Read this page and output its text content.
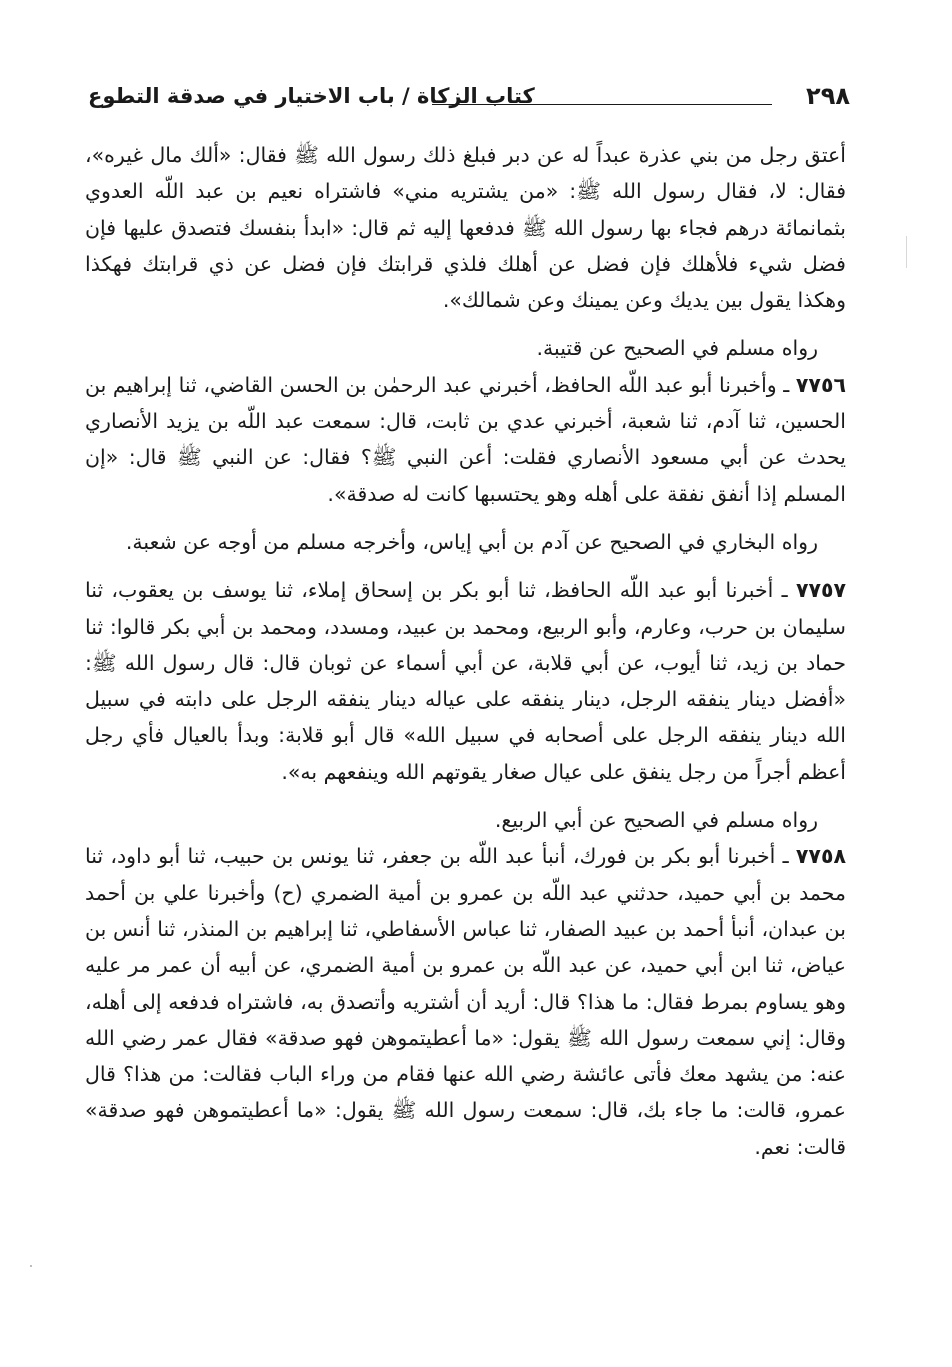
٢٩٨
كتاب الزكاة / باب الاختيار في صدقة التطوع

أعتق رجل من بني عذرة عبداً له عن دبر فبلغ ذلك رسول الله ﷺ فقال: «ألك مال غيره»، فقال: لا، فقال رسول الله ﷺ: «من يشتريه مني» فاشتراه نعيم بن عبد اللّه العدوي بثمانمائة درهم فجاء بها رسول الله ﷺ فدفعها إليه ثم قال: «ابدأ بنفسك فتصدق عليها فإن فضل شيء فلأهلك فإن فضل عن أهلك فلذي قرابتك فإن فضل عن ذي قرابتك فهكذا وهكذا يقول بين يديك وعن يمينك وعن شمالك».

رواه مسلم في الصحيح عن قتيبة.

٧٧٥٦ ـ وأخبرنا أبو عبد اللّه الحافظ، أخبرني عبد الرحمٰن بن الحسن القاضي، ثنا إبراهيم بن الحسين، ثنا آدم، ثنا شعبة، أخبرني عدي بن ثابت، قال: سمعت عبد اللّه بن يزيد الأنصاري يحدث عن أبي مسعود الأنصاري فقلت: أعن النبي ﷺ؟ فقال: عن النبي ﷺ قال: «إن المسلم إذا أنفق نفقة على أهله وهو يحتسبها كانت له صدقة».

رواه البخاري في الصحيح عن آدم بن أبي إياس، وأخرجه مسلم من أوجه عن شعبة.

٧٧٥٧ ـ أخبرنا أبو عبد اللّه الحافظ، ثنا أبو بكر بن إسحاق إملاء، ثنا يوسف بن يعقوب، ثنا سليمان بن حرب، وعارم، وأبو الربيع، ومحمد بن عبيد، ومسدد، ومحمد بن أبي بكر قالوا: ثنا حماد بن زيد، ثنا أيوب، عن أبي قلابة، عن أبي أسماء عن ثوبان قال: قال رسول الله ﷺ: «أفضل دينار ينفقه الرجل، دينار ينفقه على عياله دينار ينفقه الرجل على دابته في سبيل الله دينار ينفقه الرجل على أصحابه في سبيل الله» قال أبو قلابة: وبدأ بالعيال فأي رجل أعظم أجراً من رجل ينفق على عيال صغار يقوتهم الله وينفعهم به».

رواه مسلم في الصحيح عن أبي الربيع.

٧٧٥٨ ـ أخبرنا أبو بكر بن فورك، أنبأ عبد اللّه بن جعفر، ثنا يونس بن حبيب، ثنا أبو داود، ثنا محمد بن أبي حميد، حدثني عبد اللّه بن عمرو بن أمية الضمري (ح) وأخبرنا علي بن أحمد بن عبدان، أنبأ أحمد بن عبيد الصفار، ثنا عباس الأسفاطي، ثنا إبراهيم بن المنذر، ثنا أنس بن عياض، ثنا ابن أبي حميد، عن عبد اللّه بن عمرو بن أمية الضمري، عن أبيه أن عمر مر عليه وهو يساوم بمرط فقال: ما هذا؟ قال: أريد أن أشتريه وأتصدق به، فاشتراه فدفعه إلى أهله، وقال: إني سمعت رسول الله ﷺ يقول: «ما أعطيتموهن فهو صدقة» فقال عمر رضي الله عنه: من يشهد معك فأتى عائشة رضي الله عنها فقام من وراء الباب فقالت: من هذا؟ قال عمرو، قالت: ما جاء بك، قال: سمعت رسول الله ﷺ يقول: «ما أعطيتموهن فهو صدقة» قالت: نعم.
